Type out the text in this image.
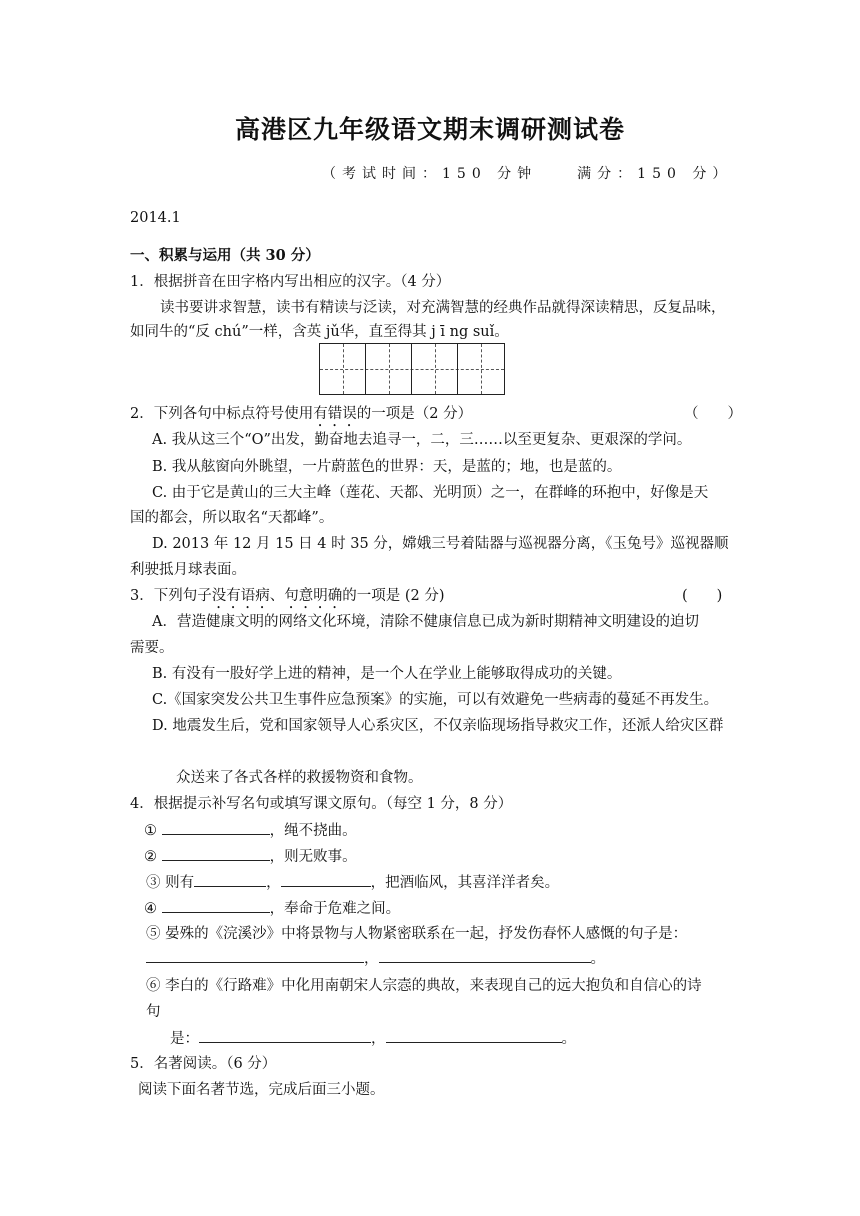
高港区九年级语文期末调研测试卷
（考试时间：150 分钟　　满分：150 分）
2014.1
一、积累与运用（共 30 分）
1．根据拼音在田字格内写出相应的汉字。（4 分）
读书要讲求智慧，读书有精读与泛读，对充满智慧的经典作品就得深读精思，反复品味，
如同牛的“反 chú”一样，含英 jǔ华，直至得其 j ī ng suǐ。
2．下列各句中标点符号使用有错误的一项是（2 分）	（　　）
A. 我从这三个“O”出发，勤奋地去追寻一，二，三……以至更复杂、更艰深的学问。
B. 我从舷窗向外眺望，一片蔚蓝色的世界：天，是蓝的；地，也是蓝的。
C. 由于它是黄山的三大主峰（莲花、天都、光明顶）之一，在群峰的环抱中，好像是天
国的都会，所以取名“天都峰”。
D. 2013 年 12 月 15 日 4 时 35 分，嫦娥三号着陆器与巡视器分离，《玉兔号》巡视器顺
利驶抵月球表面。
3．下列句子没有语病、句意明确的一项是 (2 分)	(　　)
A．营造健康文明的网络文化环境，清除不健康信息已成为新时期精神文明建设的迫切
需要。
B. 有没有一股好学上进的精神，是一个人在学业上能够取得成功的关键。
C.《国家突发公共卫生事件应急预案》的实施，可以有效避免一些病毒的蔓延不再发生。
D. 地震发生后，党和国家领导人心系灾区，不仅亲临现场指导救灾工作，还派人给灾区群
众送来了各式各样的救援物资和食物。
4．根据提示补写名句或填写课文原句。（每空 1 分，8 分）
①	，绳不挠曲。
②	，则无败事。
③ 则有	，	，把酒临风，其喜洋洋者矣。
④	，奉命于危难之间。
⑤ 晏殊的《浣溪沙》中将景物与人物紧密联系在一起，抒发伤春怀人感慨的句子是：
，	。
⑥ 李白的《行路难》中化用南朝宋人宗悫的典故，来表现自己的远大抱负和自信心的诗
句
是：	，	。
5．名著阅读。（6 分）
阅读下面名著节选，完成后面三小题。
